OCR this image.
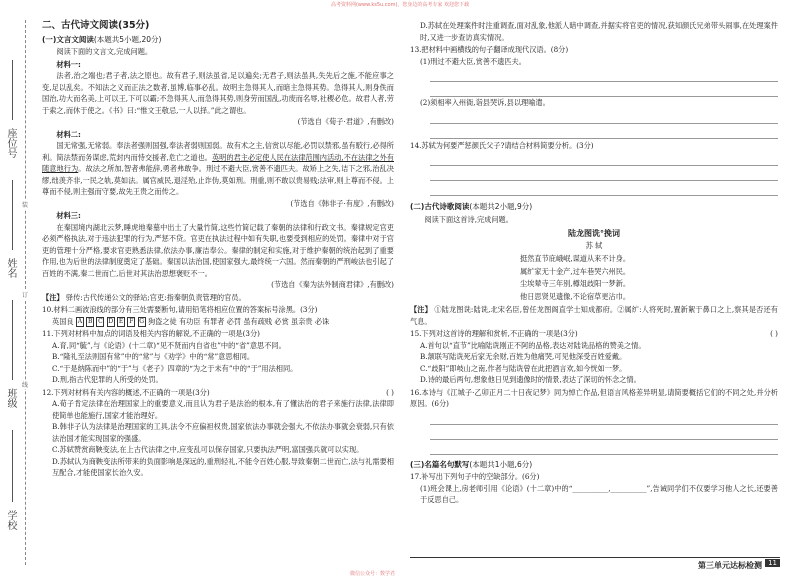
高考资料网(www.ks5u.com)，您身边的高考专家 欢迎您下载
座位号
姓名
班级
学校
装
订
线
二、古代诗文阅读(35分)
(一)文言文阅读(本题共5小题,20分)

阅读下面的文言文,完成问题。

材料一:

法者,治之端也;君子者,法之原也。故有君子,则法虽省,足以遍矣;无君子,则法虽具,失先后之施,不能应事之变,足以乱矣。不知法之义而正法之数者,虽博,临事必乱。故明主急得其人,而暗主急得其势。急得其人,则身佚而国治,功大而名美,上可以王,下可以霸;不急得其人,而急得其势,则身劳而国乱,功废而名辱,社稷必危。故君人者,劳于索之,而休于使之。《书》曰:“惟文王敬忌,一人以择。”此之谓也。

(节选自《荀子·君道》,有删改)

材料二:

国无常强,无常弱。奉法者强则国强,奉法者弱则国弱。故有术之主,信赏以尽能,必罚以禁邪,虽有駮行,必得所利。简法禁而务谋虑,荒封内而恃交援者,危亡之道也。英明的君主必定使人民在法律范围内活动,不在法律之外有随意地行为。故法之所加,智者弗能辞,勇者弗敢争。刑过不避大臣,赏善不遗匹夫。故矫上之失,诘下之邪,治乱决缪,绌羡齐非,一民之轨,莫如法。属官威民,退淫殆,止诈伪,莫如刑。刑重,则不敢以贵易贱;法审,则上尊而不侵。上尊而不侵,则主强而守要,故先王贵之而传之。

(节选自《韩非子·有度》,有删改)

材料三:

在秦国境内湖北云梦,睡虎地秦墓中出土了大量竹简,这些竹简记载了秦朝的法律和行政文书。秦律规定官吏必须严格执法,对于违法犯罪的行为,严惩不贷。官吏在执法过程中如有失职,也要受到相应的处罚。秦律中对于官吏的管理十分严格,要求官吏熟悉法律,依法办事,廉洁奉公。秦律的制定和实施,对于维护秦朝的统治起到了重要作用,也为后世的法律制度奠定了基础。秦国以法治国,使国家强大,最终统一六国。然而秦朝的严刑峻法也引起了百姓的不满,秦二世而亡,后世对其法治思想褒贬不一。

(节选自《秦为法外制商君律》,有删改)

【注】 驿传:古代传递公文的驿站;官吏:指秦朝负责管理的官员。

10.材料二画波浪线的部分有三处需要断句,请用铅笔将相应位置的答案标号涂黑。(3分)

英国良 A B C D E F G 狗盗之徒 有功臣 有罪者 必罚 虽有疏贱 必赏 虽亲贵 必诛

11.下列对材料中加点的词语及相关内容的解说,不正确的一项是(3分)

A.育,同“毓”,与《论语》(十二章)“见不贤而内自省也”中的“省”意思不同。

B.“隆礼至法则国有常”中的“常”与《劝学》中的“常”意思相同。

C.“于是纳陈而中”的“于”与《老子》四章的“为之于未有”中的“于”用法相同。

D.刑,指古代犯罪的人所受的处罚。

12.下列对材料有关内容的概述,不正确的一项是(3分)	( )

A.荀子肯定法律在治理国家上的重要意义,而且认为君子是法治的根本,有了懂法治的君子来施行法律,法律即使简单也能施行,国家才能治理好。

B.韩非子认为法律是治理国家的工具,法令不应偏袒权贵,国家依法办事就会强大,不依法办事就会衰弱,只有依法治国才能实现国家的强盛。

C.苏轼赞赏商鞅变法,在上古代法律之中,应变乱可以保存国家,只要执法严明,富国强兵就可以实现。

D.苏轼认为商鞅变法所带来的负面影响是深远的,重刑轻礼,不能令百姓心服,导致秦朝二世而亡,法与礼需要相互配合,才能使国家长治久安。

D.苏轼在处理案件时注重调查,面对乱象,他派人暗中调查,并据实将官吏的情况,获知颜氏兄弟带头闹事,在处理案件时,又进一步查访真实情况。

13.把材料中画横线的句子翻译成现代汉语。(8分)

(1)刑过不避大臣,赏善不遗匹夫。

(2)须相率入州衙,诣县哭诉,县以理喻遣。

14.苏轼为何要严惩颜氏父子?请结合材料简要分析。(3分)

(二)古代诗歌阅读(本题共2小题,9分)

阅读下面这首诗,完成问题。

陆龙图诜°挽词

苏 轼

挺然直节庇峨岷,谋道从来不计身。

属纩家无十金产,过车巷哭六州民。

尘埃辇寺三年别,樽俎歧阳一梦新。

他日思贤见遗像,不论宿草更沾巾。

【注】 ①陆龙图诜:陆诜,北宋名臣,曾任龙图阁直学士知成都府。②属纩:人将死时,置新絮于鼻口之上,察其是否还有气息。

15.下列对这首诗的理解和赏析,不正确的一项是(3分)	( )

A.首句以“直节”比喻陆诜刚正不阿的品格,表达对陆诜品格的赞美之情。

B.颔联写陆诜死后家无余财,百姓为他痛哭,可见他深受百姓爱戴。

C.“歧阳”即岐山之南,作者与陆诜曾在此把酒言欢,如今恍如一梦。

D.诗的最后两句,想象他日见到遗像时的情景,表达了深切的怀念之情。

16.本诗与《江城子·乙卯正月二十日夜记梦》同为悼亡作品,但语言风格差异明显,请简要概括它们的不同之处,并分析原因。(6分)

(三)名篇名句默写(本题共1小题,6分)

17.补写出下列句子中的空缺部分。(6分)

(1)班会课上,房老师引用《论语》(十二章)中的“__________,__________”,告诫同学们不仅要学习他人之长,还要善于反思自己。

第三单元达标检测 11
微信公众号：数学君
